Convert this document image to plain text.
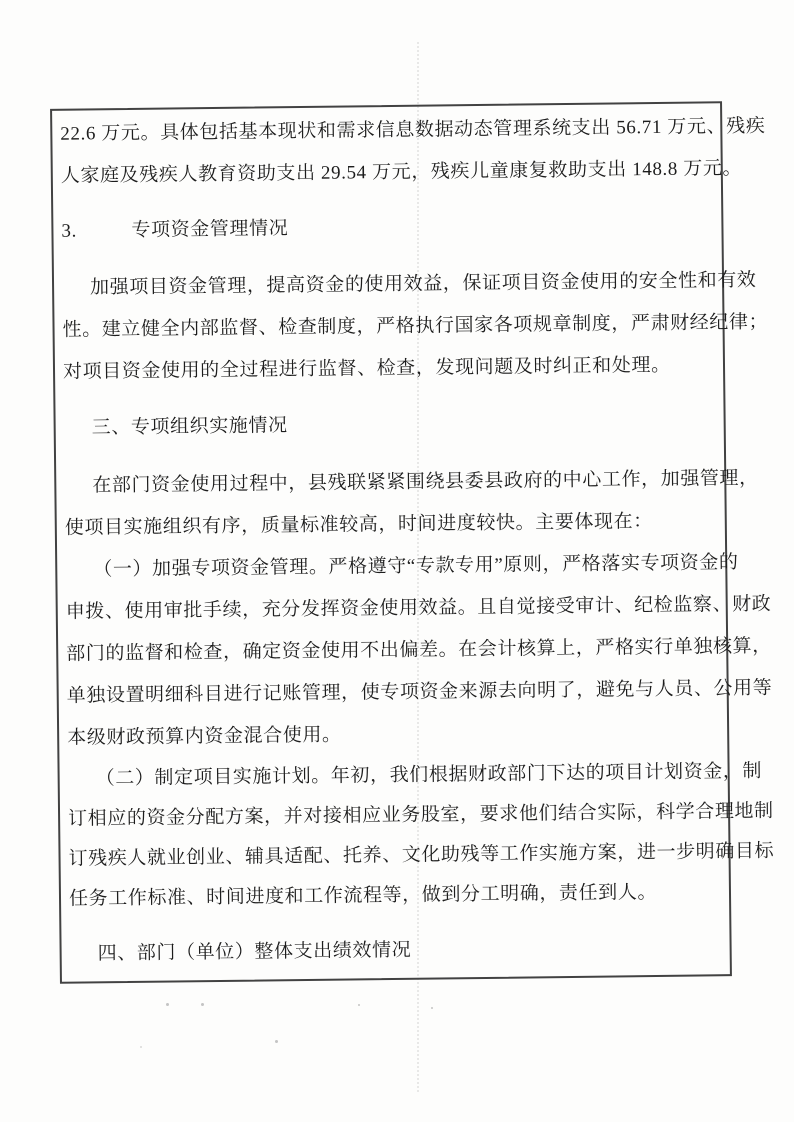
22.6 万元。具体包括基本现状和需求信息数据动态管理系统支出 56.71 万元、残疾
人家庭及残疾人教育资助支出 29.54 万元，残疾儿童康复救助支出 148.8 万元。
3.	专项资金管理情况
加强项目资金管理，提高资金的使用效益，保证项目资金使用的安全性和有效
性。建立健全内部监督、检查制度，严格执行国家各项规章制度，严肃财经纪律；
对项目资金使用的全过程进行监督、检查，发现问题及时纠正和处理。
三、专项组织实施情况
在部门资金使用过程中，县残联紧紧围绕县委县政府的中心工作，加强管理，
使项目实施组织有序，质量标准较高，时间进度较快。主要体现在：
（一）加强专项资金管理。严格遵守“专款专用”原则，严格落实专项资金的
申拨、使用审批手续，充分发挥资金使用效益。且自觉接受审计、纪检监察、财政
部门的监督和检查，确定资金使用不出偏差。在会计核算上，严格实行单独核算，
单独设置明细科目进行记账管理，使专项资金来源去向明了，避免与人员、公用等
本级财政预算内资金混合使用。
（二）制定项目实施计划。年初，我们根据财政部门下达的项目计划资金，制
订相应的资金分配方案，并对接相应业务股室，要求他们结合实际，科学合理地制
订残疾人就业创业、辅具适配、托养、文化助残等工作实施方案，进一步明确目标
任务工作标准、时间进度和工作流程等，做到分工明确，责任到人。
四、部门（单位）整体支出绩效情况
